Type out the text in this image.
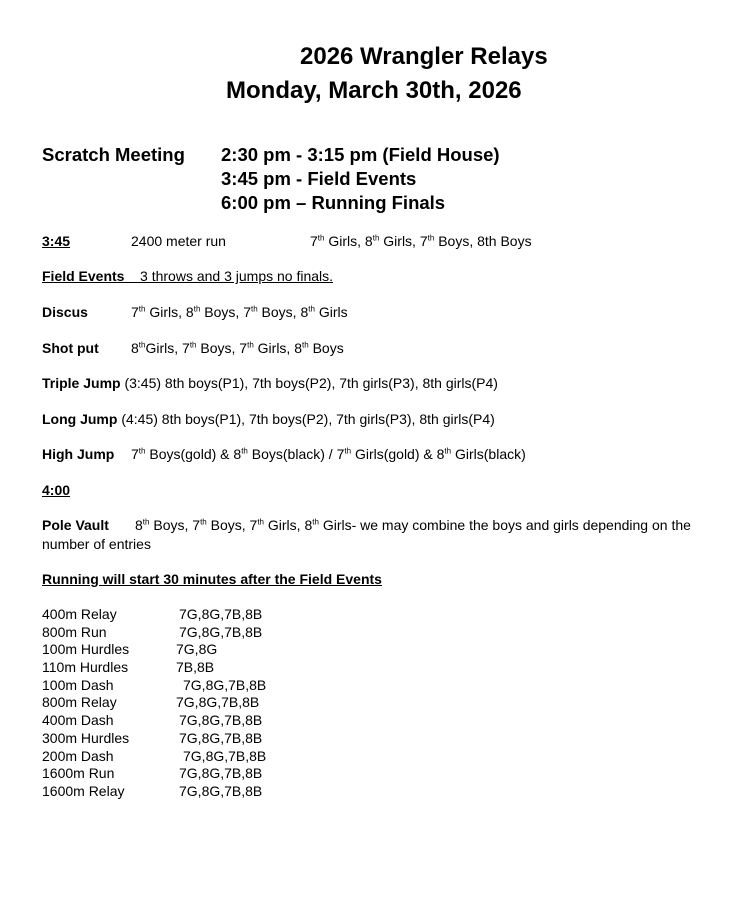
2026 Wrangler Relays
Monday, March 30th, 2026
Scratch Meeting 2:30 pm - 3:15 pm (Field House)
3:45 pm - Field Events
6:00 pm – Running Finals
3:45	2400 meter run	7th Girls, 8th Girls, 7th Boys, 8th Boys
Field Events 3 throws and 3 jumps no finals.
Discus	7th Girls, 8th Boys, 7th Boys, 8th Girls
Shot put 8thGirls, 7th Boys, 7th Girls, 8th Boys
Triple Jump (3:45) 8th boys(P1), 7th boys(P2), 7th girls(P3), 8th girls(P4)
Long Jump (4:45) 8th boys(P1), 7th boys(P2), 7th girls(P3), 8th girls(P4)
High Jump 7th Boys(gold) & 8th Boys(black) / 7th Girls(gold) & 8th Girls(black)
4:00
Pole Vault 8th Boys, 7th Boys, 7th Girls, 8th Girls- we may combine the boys and girls depending on the
number of entries
Running will start 30 minutes after the Field Events
400m Relay	7G,8G,7B,8B
800m Run	7G,8G,7B,8B
100m Hurdles	7G,8G
110m Hurdles	7B,8B
100m Dash	7G,8G,7B,8B
800m Relay	7G,8G,7B,8B
400m Dash	7G,8G,7B,8B
300m Hurdles	7G,8G,7B,8B
200m Dash	7G,8G,7B,8B
1600m Run	7G,8G,7B,8B
1600m Relay	7G,8G,7B,8B
